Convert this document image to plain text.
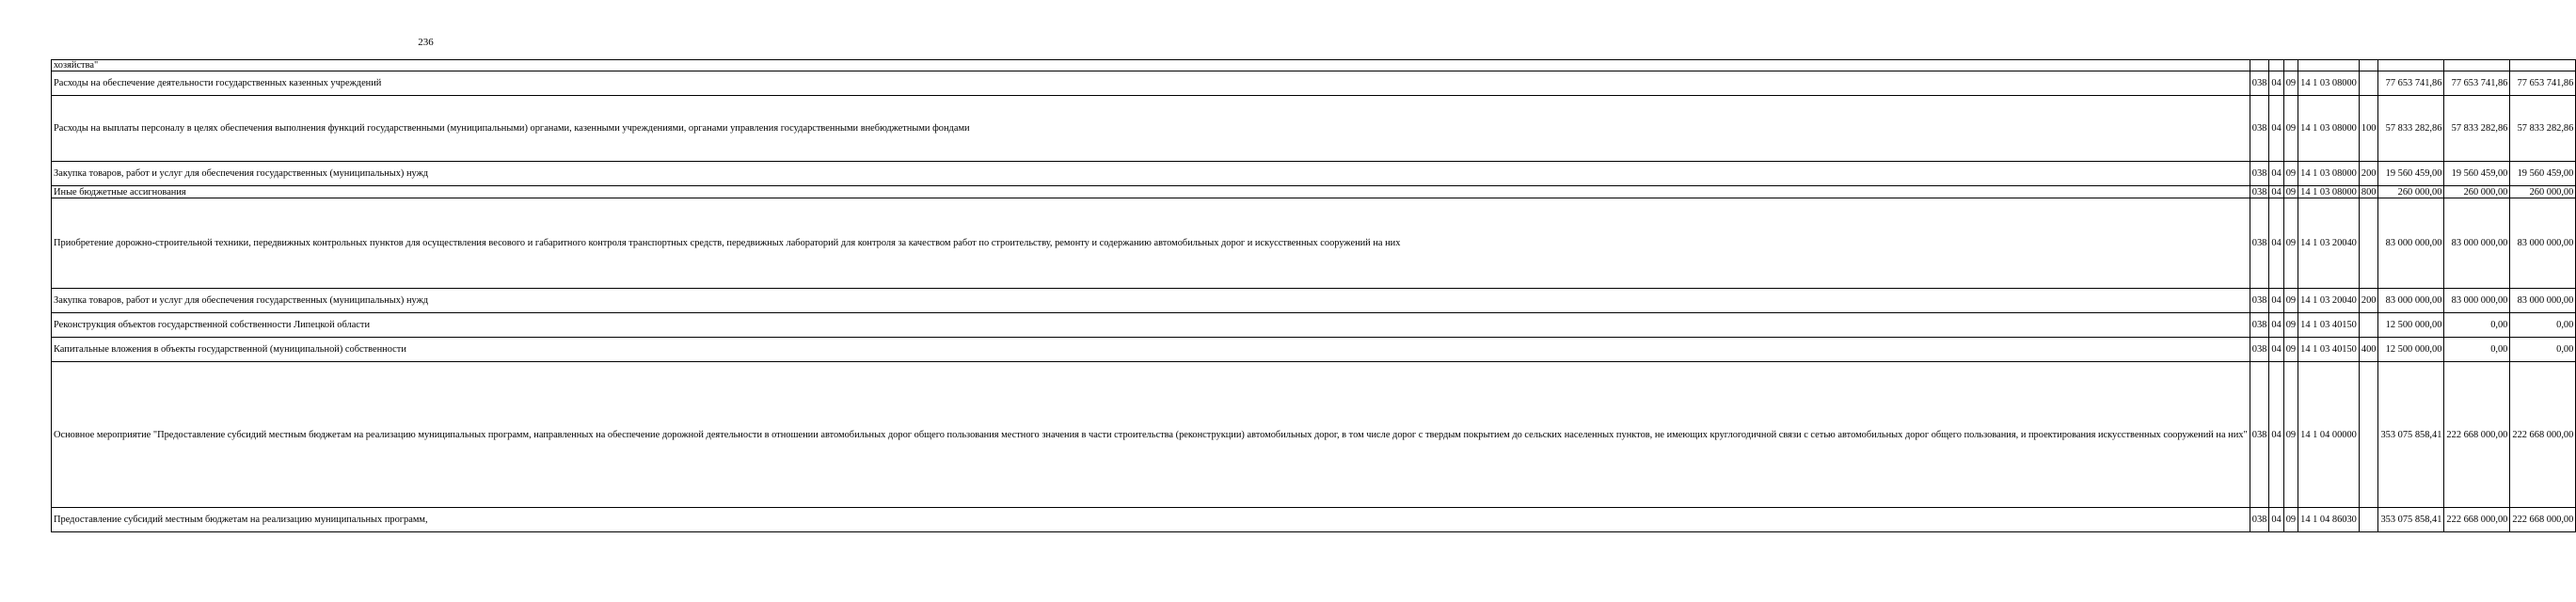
236
хозяйства"								
Расходы на обеспечение деятельности государственных казенных учреждений	038	04	09	14 1 03 08000		77 653 741,86	77 653 741,86	77 653 741,86
Расходы на выплаты персоналу в целях обеспечения выполнения функций государственными (муниципальными) органами, казенными учреждениями, органами управления государственными внебюджетными фондами	038	04	09	14 1 03 08000	100	57 833 282,86	57 833 282,86	57 833 282,86
Закупка товаров, работ и услуг для обеспечения государственных (муниципальных) нужд	038	04	09	14 1 03 08000	200	19 560 459,00	19 560 459,00	19 560 459,00
Иные бюджетные ассигнования	038	04	09	14 1 03 08000	800	260 000,00	260 000,00	260 000,00
Приобретение дорожно-строительной техники, передвижных контрольных пунктов для осуществления весового и габаритного контроля транспортных средств, передвижных лабораторий для контроля за качеством работ по строительству, ремонту и содержанию автомобильных дорог и искусственных сооружений на них	038	04	09	14 1 03 20040		83 000 000,00	83 000 000,00	83 000 000,00
Закупка товаров, работ и услуг для обеспечения государственных (муниципальных) нужд	038	04	09	14 1 03 20040	200	83 000 000,00	83 000 000,00	83 000 000,00
Реконструкция объектов государственной собственности Липецкой области	038	04	09	14 1 03 40150		12 500 000,00	0,00	0,00
Капитальные вложения в объекты государственной (муниципальной) собственности	038	04	09	14 1 03 40150	400	12 500 000,00	0,00	0,00
Основное мероприятие "Предоставление субсидий местным бюджетам на реализацию муниципальных программ, направленных на обеспечение дорожной деятельности в отношении автомобильных дорог общего пользования местного значения в части строительства (реконструкции) автомобильных дорог, в том числе дорог с твердым покрытием до сельских населенных пунктов, не имеющих круглогодичной связи с сетью автомобильных дорог общего пользования, и проектирования искусственных сооружений на них"	038	04	09	14 1 04 00000		353 075 858,41	222 668 000,00	222 668 000,00
Предоставление субсидий местным бюджетам на реализацию муниципальных программ,	038	04	09	14 1 04 86030		353 075 858,41	222 668 000,00	222 668 000,00
